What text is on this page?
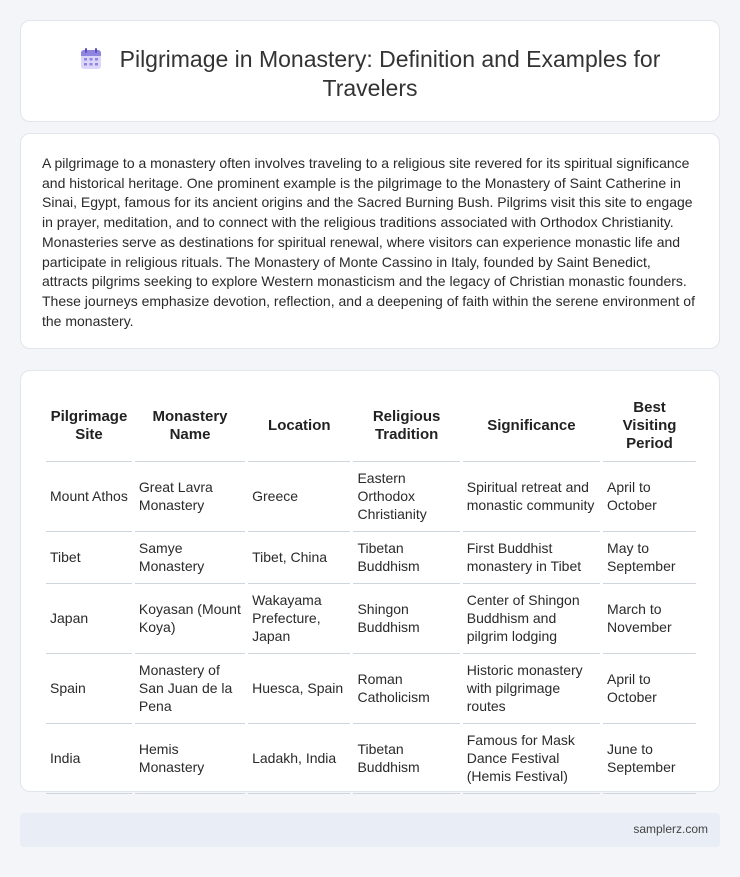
Pilgrimage in Monastery: Definition and Examples for Travelers

A pilgrimage to a monastery often involves traveling to a religious site revered for its spiritual significance and historical heritage. One prominent example is the pilgrimage to the Monastery of Saint Catherine in Sinai, Egypt, famous for its ancient origins and the Sacred Burning Bush. Pilgrims visit this site to engage in prayer, meditation, and to connect with the religious traditions associated with Orthodox Christianity. Monasteries serve as destinations for spiritual renewal, where visitors can experience monastic life and participate in religious rituals. The Monastery of Monte Cassino in Italy, founded by Saint Benedict, attracts pilgrims seeking to explore Western monasticism and the legacy of Christian monastic founders. These journeys emphasize devotion, reflection, and a deepening of faith within the serene environment of the monastery.

Pilgrimage Site	Monastery Name	Location	Religious Tradition	Significance	Best Visiting Period
Mount Athos	Great Lavra Monastery	Greece	Eastern Orthodox Christianity	Spiritual retreat and monastic community	April to October
Tibet	Samye Monastery	Tibet, China	Tibetan Buddhism	First Buddhist monastery in Tibet	May to September
Japan	Koyasan (Mount Koya)	Wakayama Prefecture, Japan	Shingon Buddhism	Center of Shingon Buddhism and pilgrim lodging	March to November
Spain	Monastery of San Juan de la Pena	Huesca, Spain	Roman Catholicism	Historic monastery with pilgrimage routes	April to October
India	Hemis Monastery	Ladakh, India	Tibetan Buddhism	Famous for Mask Dance Festival (Hemis Festival)	June to September
samplerz.com
